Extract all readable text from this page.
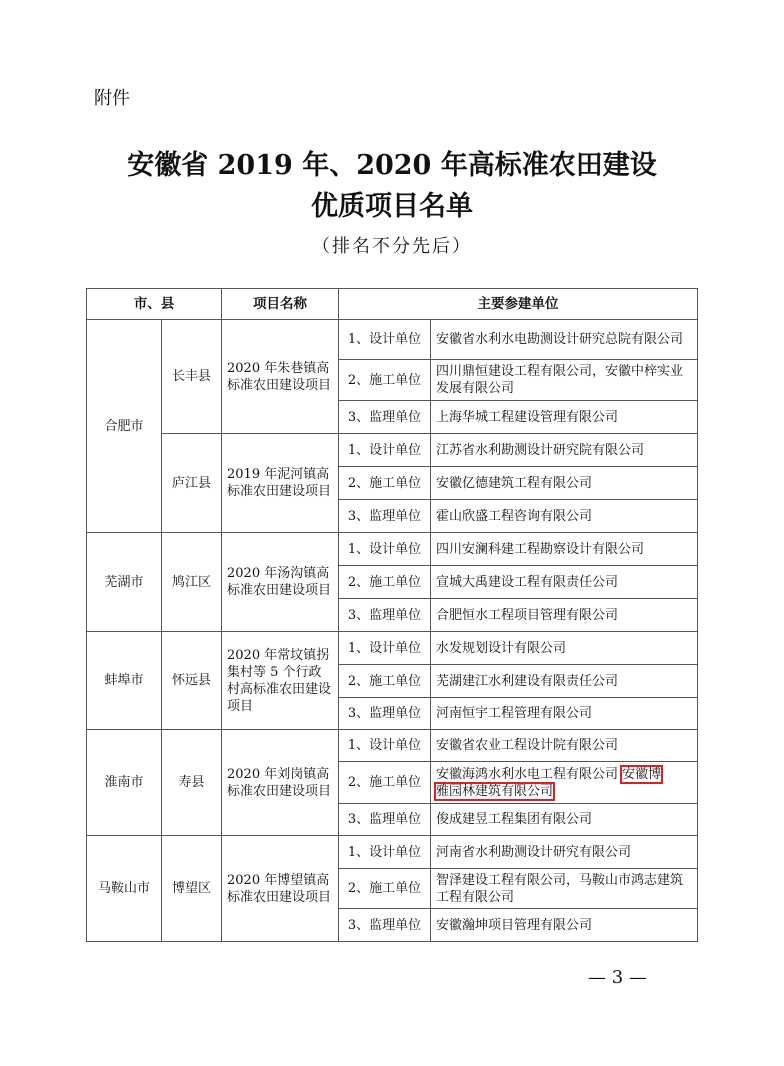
附件
安徽省 2019 年、2020 年高标准农田建设
优质项目名单
（排名不分先后）
市、县		项目名称	主要参建单位	
合肥市	长丰县	2020 年朱巷镇高标准农田建设项目	1、设计单位	安徽省水利水电勘测设计研究总院有限公司
			2、施工单位	四川鼎恒建设工程有限公司，安徽中梓实业发展有限公司
			3、监理单位	上海华城工程建设管理有限公司
	庐江县	2019 年泥河镇高标准农田建设项目	1、设计单位	江苏省水利勘测设计研究院有限公司
			2、施工单位	安徽亿德建筑工程有限公司
			3、监理单位	霍山欣盛工程咨询有限公司
芜湖市	鸠江区	2020 年汤沟镇高标准农田建设项目	1、设计单位	四川安澜科建工程勘察设计有限公司
			2、施工单位	宣城大禹建设工程有限责任公司
			3、监理单位	合肥恒水工程项目管理有限公司
蚌埠市	怀远县	2020 年常坟镇拐集村等 5 个行政村高标准农田建设项目	1、设计单位	水发规划设计有限公司
			2、施工单位	芜湖建江水利建设有限责任公司
			3、监理单位	河南恒宇工程管理有限公司
淮南市	寿县	2020 年刘岗镇高标准农田建设项目	1、设计单位	安徽省农业工程设计院有限公司
			2、施工单位	安徽海鸿水利水电工程有限公司 安徽博
雅园林建筑有限公司
			3、监理单位	俊成建昱工程集团有限公司
马鞍山市	博望区	2020 年博望镇高标准农田建设项目	1、设计单位	河南省水利勘测设计研究有限公司
			2、施工单位	智泽建设工程有限公司，马鞍山市鸿志建筑工程有限公司
			3、监理单位	安徽瀚坤项目管理有限公司
— 3 —
